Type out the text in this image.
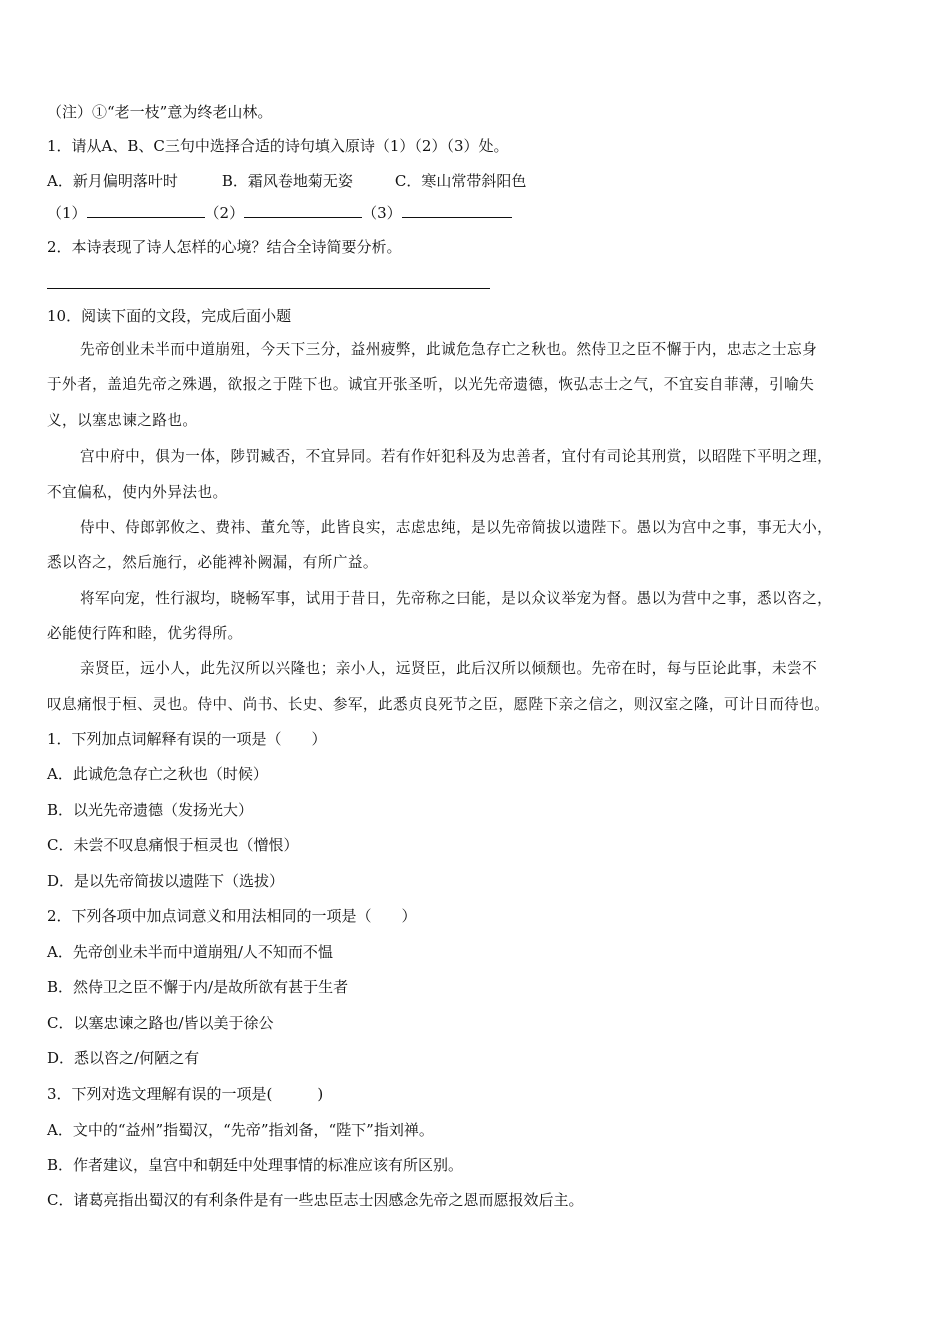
（注）①“老一枝”意为终老山林。
1．请从A、B、C三句中选择合适的诗句填入原诗（1）（2）（3）处。
A．新月偏明落叶时	B．霜风卷地菊无姿	C．寒山常带斜阳色
（1）	（2）	（3）
2．本诗表现了诗人怎样的心境？结合全诗简要分析。
10．阅读下面的文段，完成后面小题
先帝创业未半而中道崩殂，今天下三分，益州疲弊，此诚危急存亡之秋也。然侍卫之臣不懈于内，忠志之士忘身
于外者，盖追先帝之殊遇，欲报之于陛下也。诚宜开张圣听，以光先帝遗德，恢弘志士之气，不宜妄自菲薄，引喻失
义，以塞忠谏之路也。
宫中府中，俱为一体，陟罚臧否，不宜异同。若有作奸犯科及为忠善者，宜付有司论其刑赏，以昭陛下平明之理，
不宜偏私，使内外异法也。
侍中、侍郎郭攸之、费祎、董允等，此皆良实，志虑忠纯，是以先帝简拔以遗陛下。愚以为宫中之事，事无大小，
悉以咨之，然后施行，必能裨补阙漏，有所广益。
将军向宠，性行淑均，晓畅军事，试用于昔日，先帝称之曰能，是以众议举宠为督。愚以为营中之事，悉以咨之，
必能使行阵和睦，优劣得所。
亲贤臣，远小人，此先汉所以兴隆也；亲小人，远贤臣，此后汉所以倾颓也。先帝在时，每与臣论此事，未尝不
叹息痛恨于桓、灵也。侍中、尚书、长史、参军，此悉贞良死节之臣，愿陛下亲之信之，则汉室之隆，可计日而待也。
1．下列加点词解释有误的一项是（　　）
A．此诚危急存亡之秋也（时候）
B．以光先帝遗德（发扬光大）
C．未尝不叹息痛恨于桓灵也（憎恨）
D．是以先帝简拔以遗陛下（选拔）
2．下列各项中加点词意义和用法相同的一项是（　　）
A．先帝创业未半而中道崩殂/人不知而不愠
B．然侍卫之臣不懈于内/是故所欲有甚于生者
C．以塞忠谏之路也/皆以美于徐公
D．悉以咨之/何陋之有
3．下列对选文理解有误的一项是(　　　)
A．文中的“益州”指蜀汉，“先帝”指刘备，“陛下”指刘禅。
B．作者建议，皇宫中和朝廷中处理事情的标准应该有所区别。
C．诸葛亮指出蜀汉的有利条件是有一些忠臣志士因感念先帝之恩而愿报效后主。
